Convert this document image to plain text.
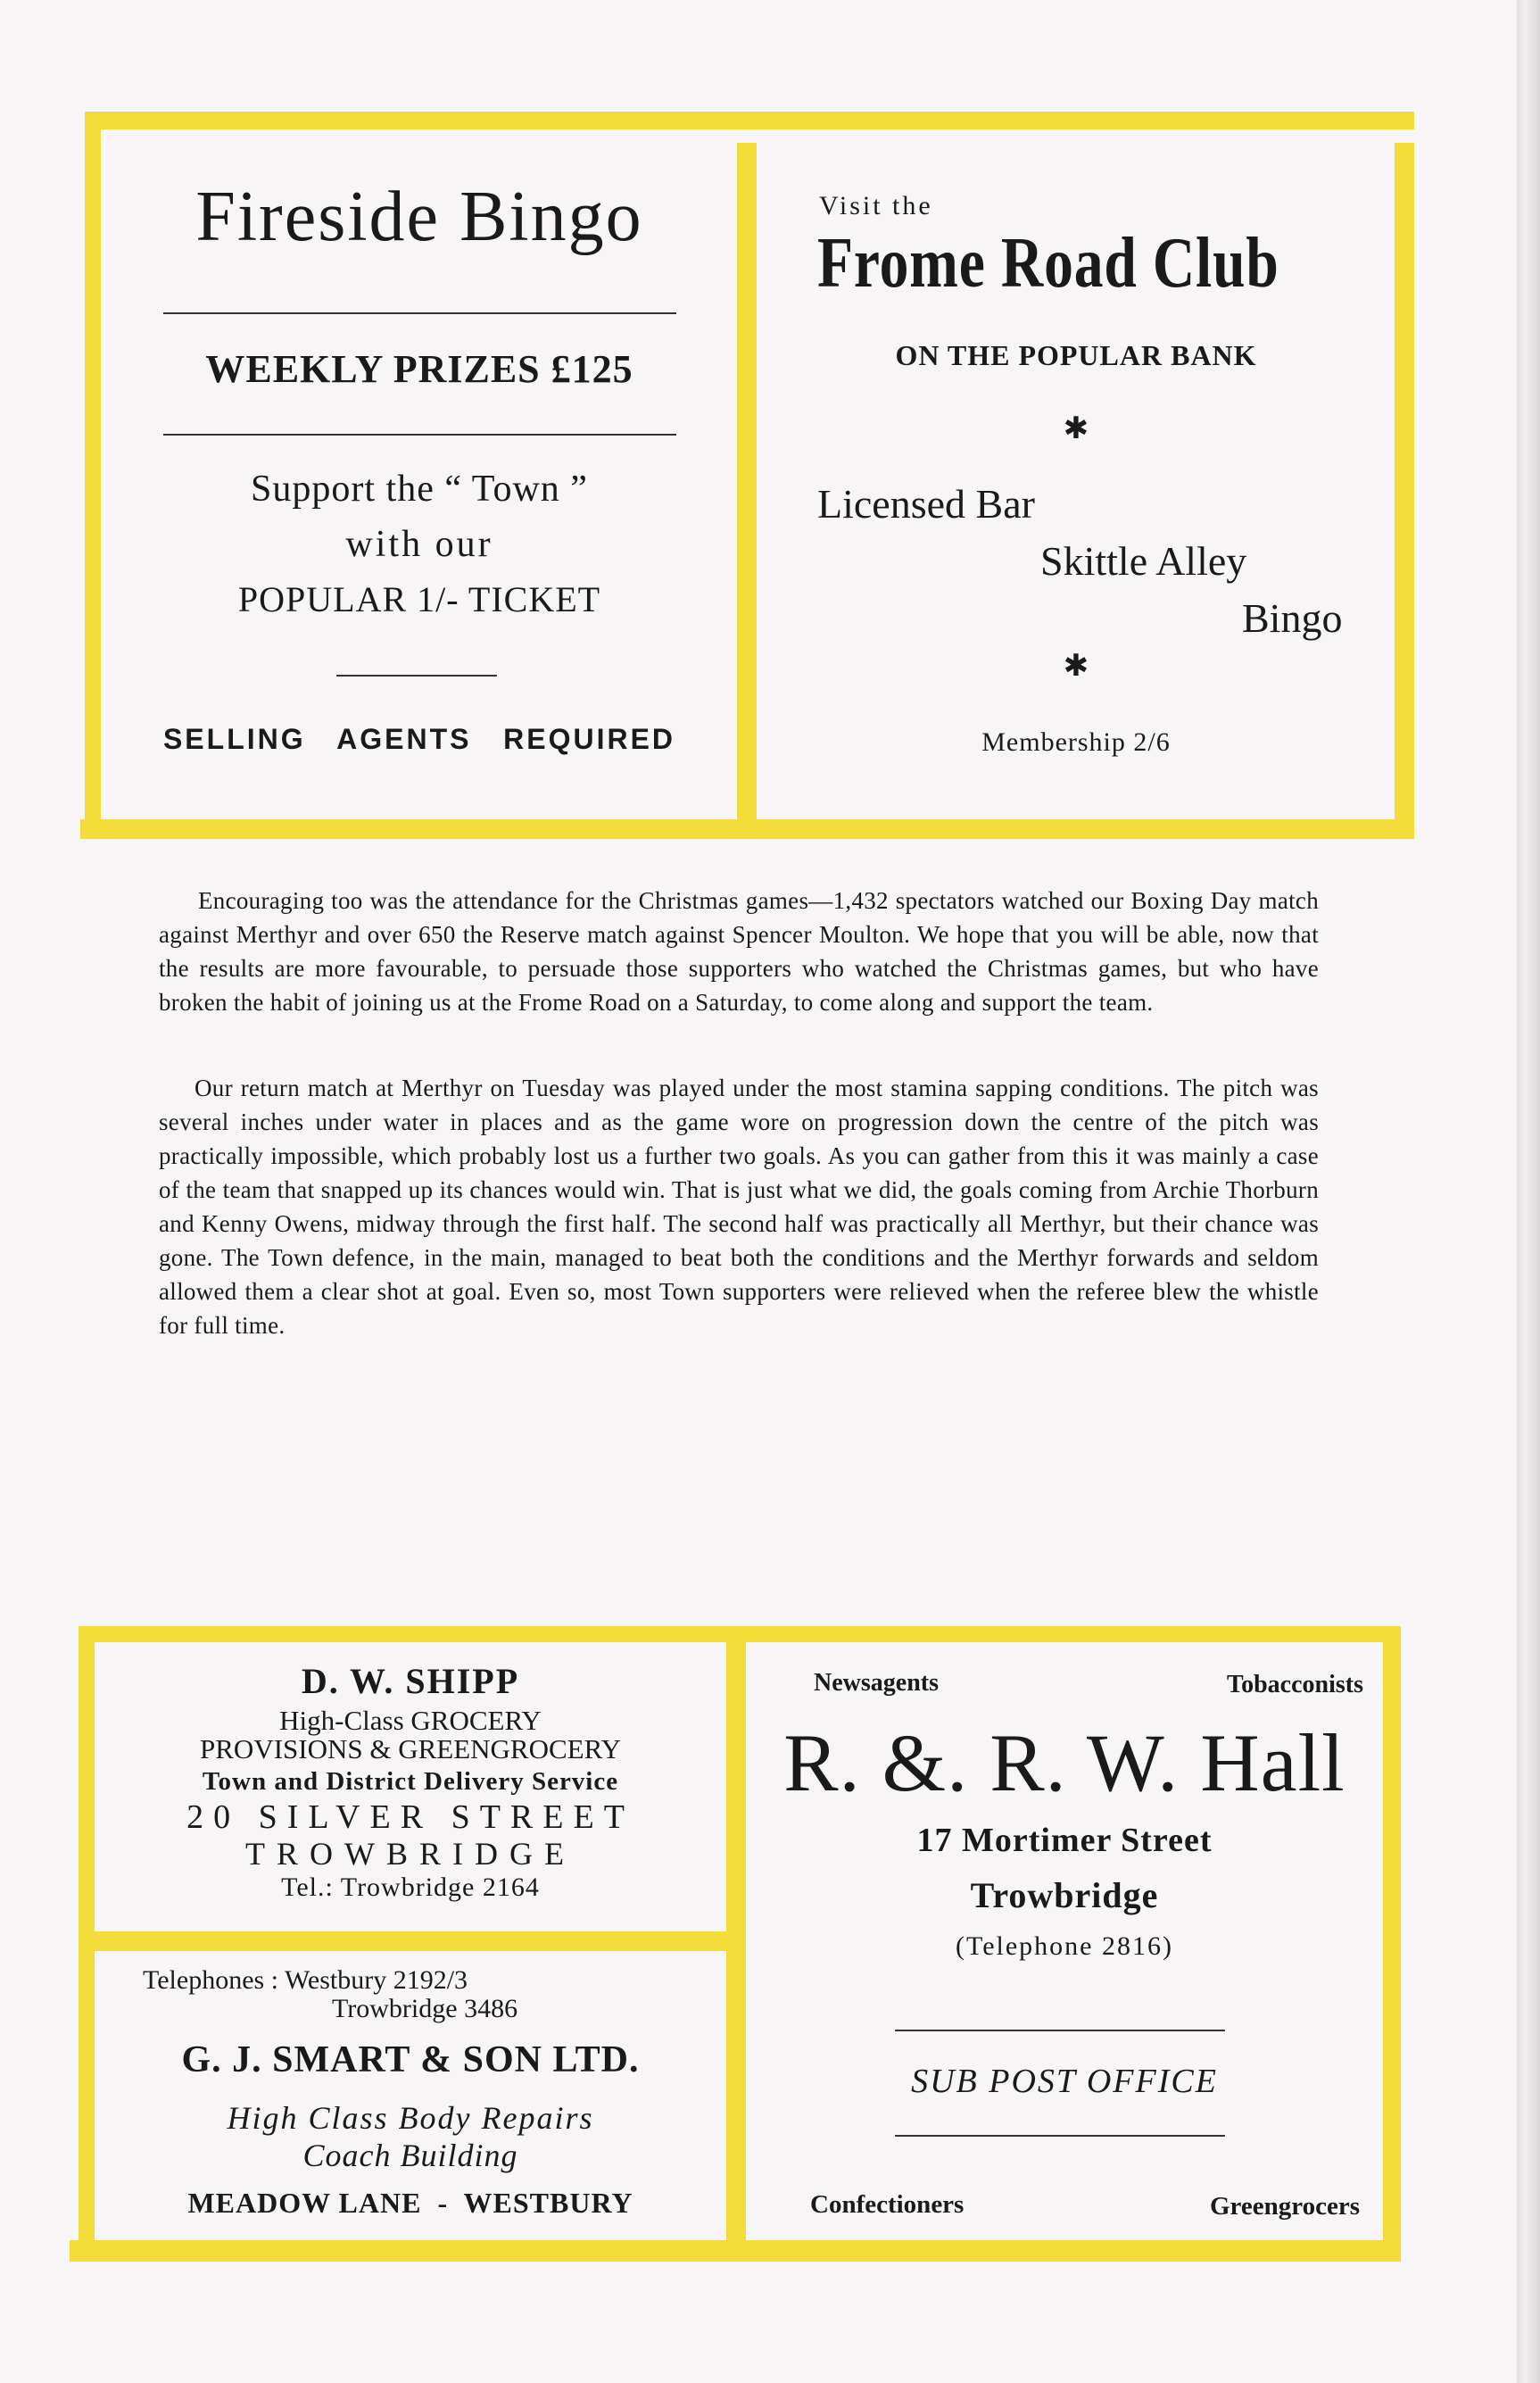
Fireside Bingo
WEEKLY PRIZES £125
Support the “ Town ”
with our
POPULAR 1/- TICKET
SELLING   AGENTS   REQUIRED
Visit the
Frome Road Club
ON THE POPULAR BANK
✱
Licensed Bar
Skittle Alley
Bingo
✱
Membership 2/6

Encouraging too was the attendance for the Christmas games—1,432 spectators watched our Boxing Day match against Merthyr and over 650 the Reserve match against Spencer Moulton. We hope that you will be able, now that the results are more favourable, to persuade those supporters who watched the Christmas games, but who have broken the habit of joining us at the Frome Road on a Saturday, to come along and support the team.

Our return match at Merthyr on Tuesday was played under the most stamina sapping conditions. The pitch was several inches under water in places and as the game wore on progression down the centre of the pitch was practically impossible, which probably lost us a further two goals. As you can gather from this it was mainly a case of the team that snapped up its chances would win. That is just what we did, the goals coming from Archie Thorburn and Kenny Owens, midway through the first half. The second half was practically all Merthyr, but their chance was gone. The Town defence, in the main, managed to beat both the conditions and the Merthyr forwards and seldom allowed them a clear shot at goal. Even so, most Town supporters were relieved when the referee blew the whistle for full time.

D. W. SHIPP
High-Class GROCERY
PROVISIONS & GREENGROCERY
Town and District Delivery Service
20 SILVER STREET
TROWBRIDGE
Tel.: Trowbridge 2164
Telephones : Westbury 2192/3
Trowbridge 3486
G. J. SMART & SON LTD.
High Class Body Repairs
Coach Building
MEADOW LANE  -  WESTBURY
Newsagents	Tobacconists
R. &. R. W. Hall
17 Mortimer Street
Trowbridge
(Telephone 2816)
SUB POST OFFICE
Confectioners	Greengrocers
